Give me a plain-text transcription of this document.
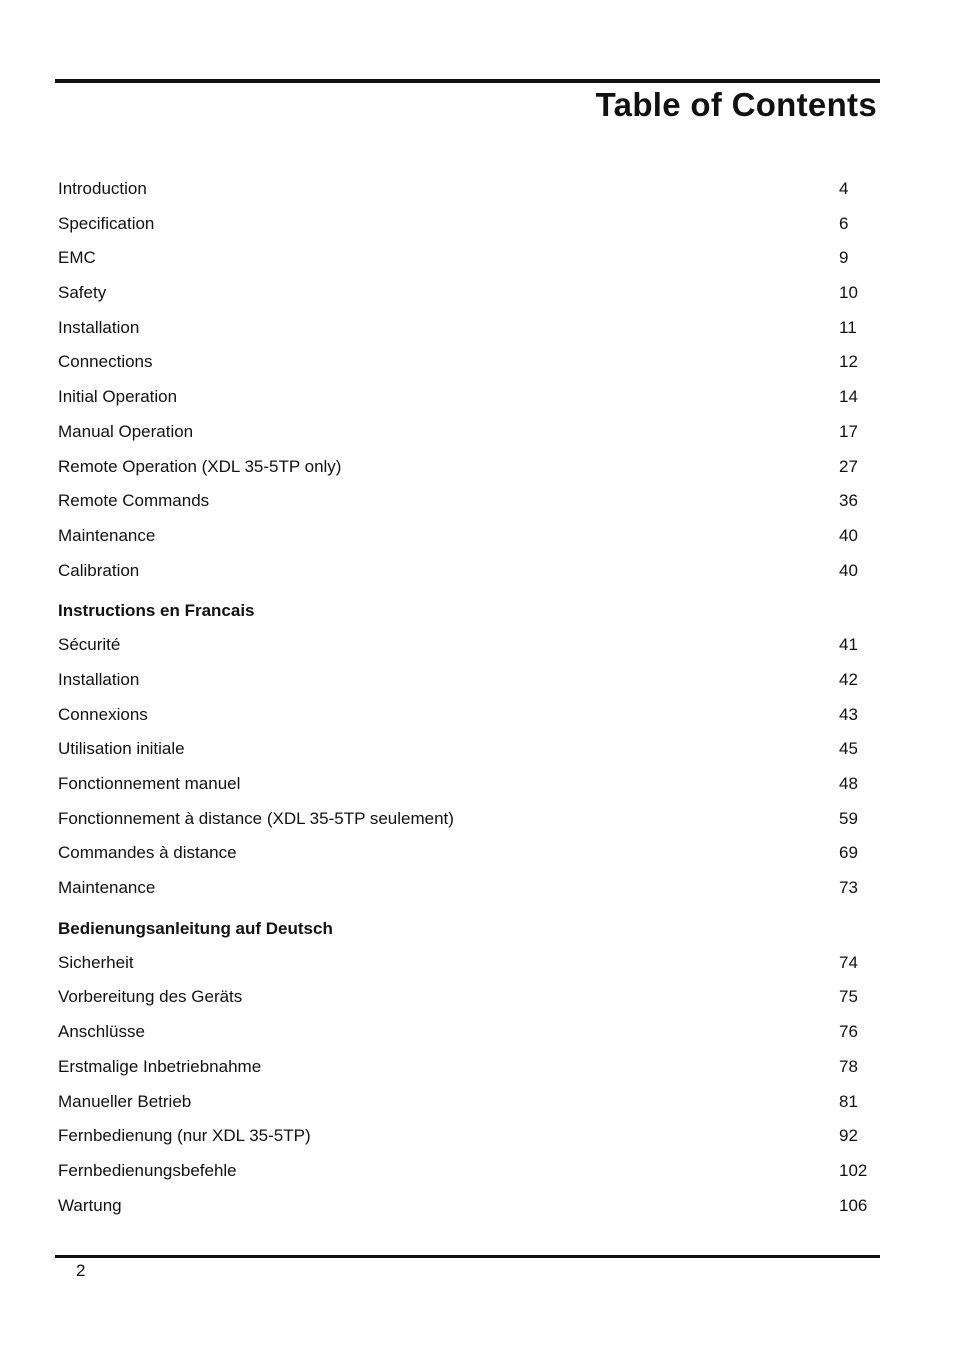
Table of Contents
Introduction	4
Specification	6
EMC	9
Safety	10
Installation	11
Connections	12
Initial Operation	14
Manual Operation	17
Remote Operation (XDL 35-5TP only)	27
Remote Commands	36
Maintenance	40
Calibration	40
Instructions en Francais
Sécurité	41
Installation	42
Connexions	43
Utilisation initiale	45
Fonctionnement manuel	48
Fonctionnement à distance (XDL 35-5TP seulement)	59
Commandes à distance	69
Maintenance	73
Bedienungsanleitung auf Deutsch
Sicherheit	74
Vorbereitung des Geräts	75
Anschlüsse	76
Erstmalige Inbetriebnahme	78
Manueller Betrieb	81
Fernbedienung (nur XDL 35-5TP)	92
Fernbedienungsbefehle	102
Wartung	106
2
